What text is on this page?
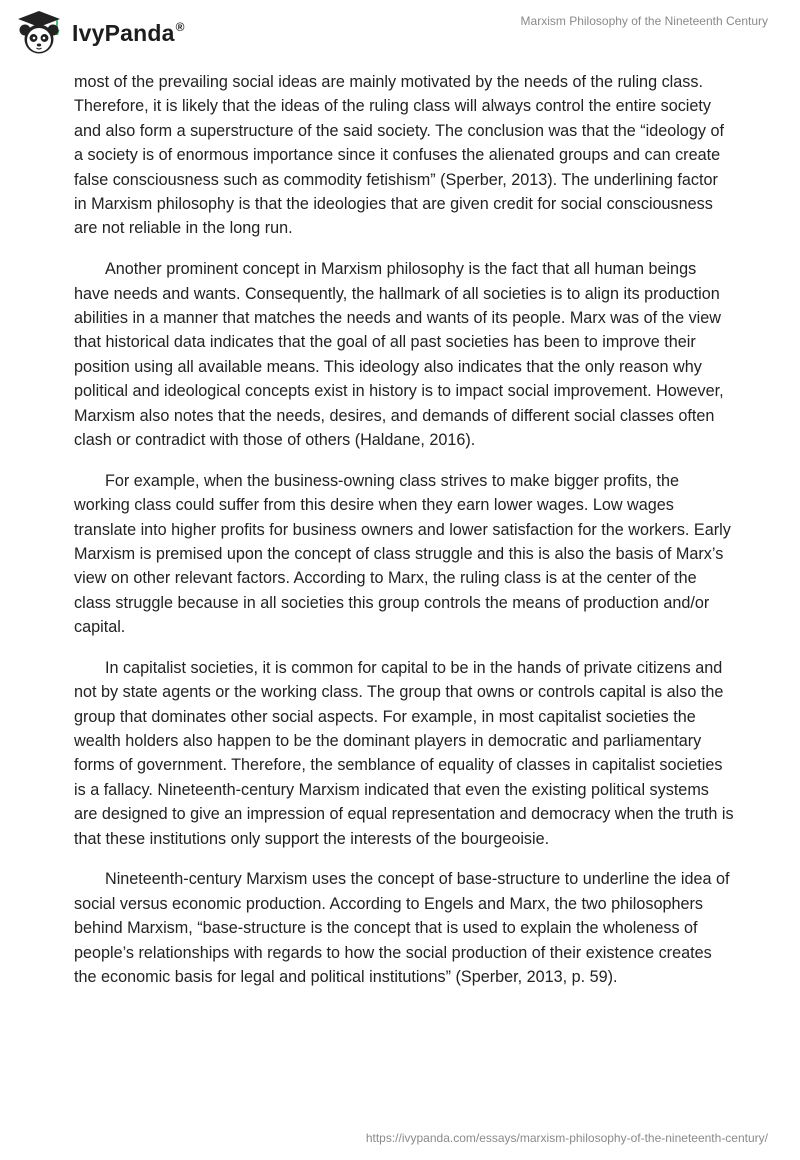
IvyPanda®	Marxism Philosophy of the Nineteenth Century

most of the prevailing social ideas are mainly motivated by the needs of the ruling class. Therefore, it is likely that the ideas of the ruling class will always control the entire society and also form a superstructure of the said society. The conclusion was that the “ideology of a society is of enormous importance since it confuses the alienated groups and can create false consciousness such as commodity fetishism” (Sperber, 2013). The underlining factor in Marxism philosophy is that the ideologies that are given credit for social consciousness are not reliable in the long run.

Another prominent concept in Marxism philosophy is the fact that all human beings have needs and wants. Consequently, the hallmark of all societies is to align its production abilities in a manner that matches the needs and wants of its people. Marx was of the view that historical data indicates that the goal of all past societies has been to improve their position using all available means. This ideology also indicates that the only reason why political and ideological concepts exist in history is to impact social improvement. However, Marxism also notes that the needs, desires, and demands of different social classes often clash or contradict with those of others (Haldane, 2016).

For example, when the business-owning class strives to make bigger profits, the working class could suffer from this desire when they earn lower wages. Low wages translate into higher profits for business owners and lower satisfaction for the workers. Early Marxism is premised upon the concept of class struggle and this is also the basis of Marx’s view on other relevant factors. According to Marx, the ruling class is at the center of the class struggle because in all societies this group controls the means of production and/or capital.

In capitalist societies, it is common for capital to be in the hands of private citizens and not by state agents or the working class. The group that owns or controls capital is also the group that dominates other social aspects. For example, in most capitalist societies the wealth holders also happen to be the dominant players in democratic and parliamentary forms of government. Therefore, the semblance of equality of classes in capitalist societies is a fallacy. Nineteenth-century Marxism indicated that even the existing political systems are designed to give an impression of equal representation and democracy when the truth is that these institutions only support the interests of the bourgeoisie.

Nineteenth-century Marxism uses the concept of base-structure to underline the idea of social versus economic production. According to Engels and Marx, the two philosophers behind Marxism, “base-structure is the concept that is used to explain the wholeness of people’s relationships with regards to how the social production of their existence creates the economic basis for legal and political institutions” (Sperber, 2013, p. 59).

https://ivypanda.com/essays/marxism-philosophy-of-the-nineteenth-century/
